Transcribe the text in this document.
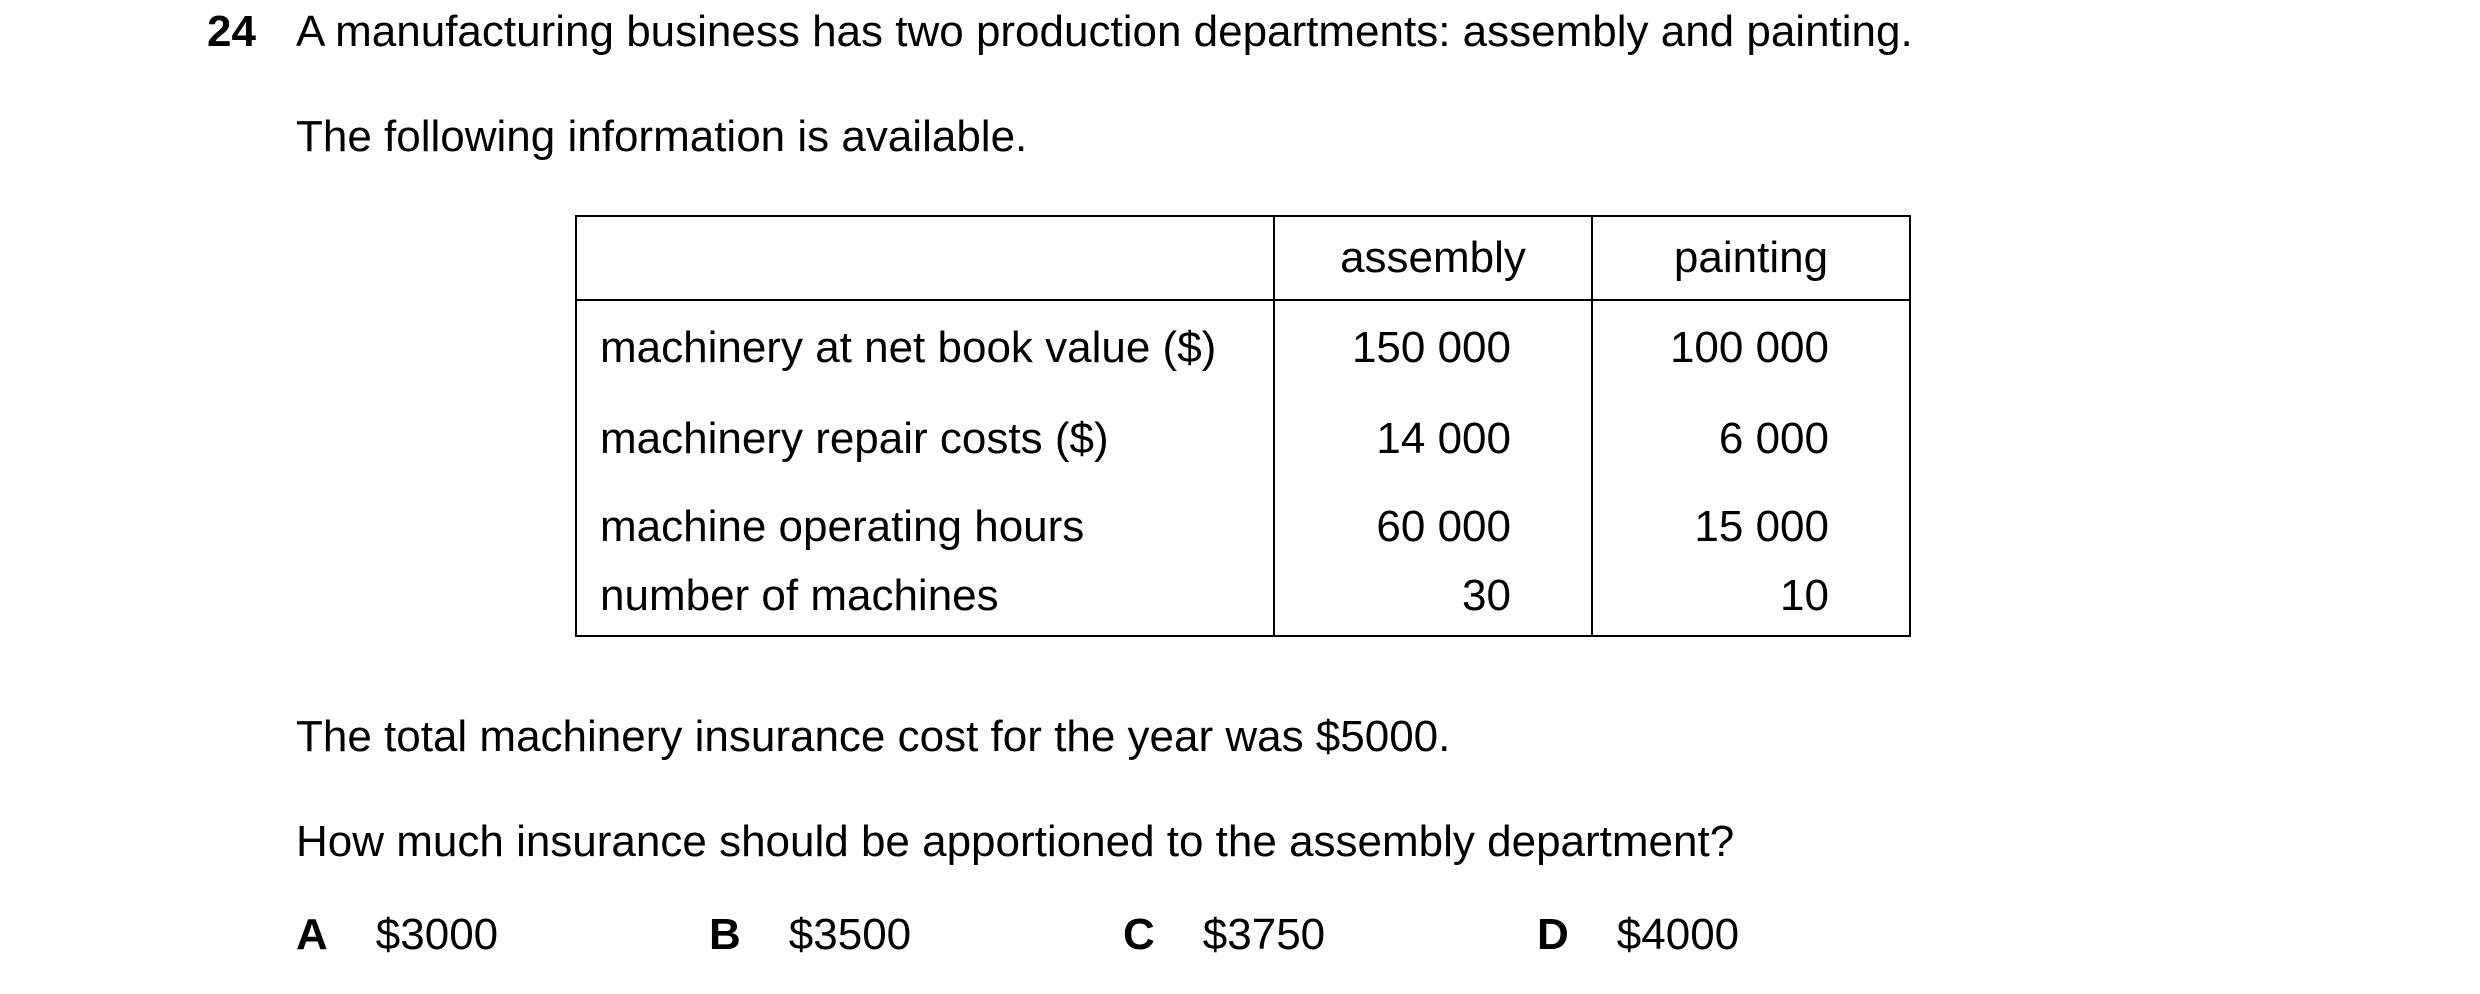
24 A manufacturing business has two production departments: assembly and painting.
The following information is available.
	assembly	painting
machinery at net book value ($)	150 000	100 000
machinery repair costs ($)	14 000	6 000
machine operating hours	60 000	15 000
number of machines	30	10
The total machinery insurance cost for the year was $5000.
How much insurance should be apportioned to the assembly department?
A $3000	B $3500	C $3750	D $4000
